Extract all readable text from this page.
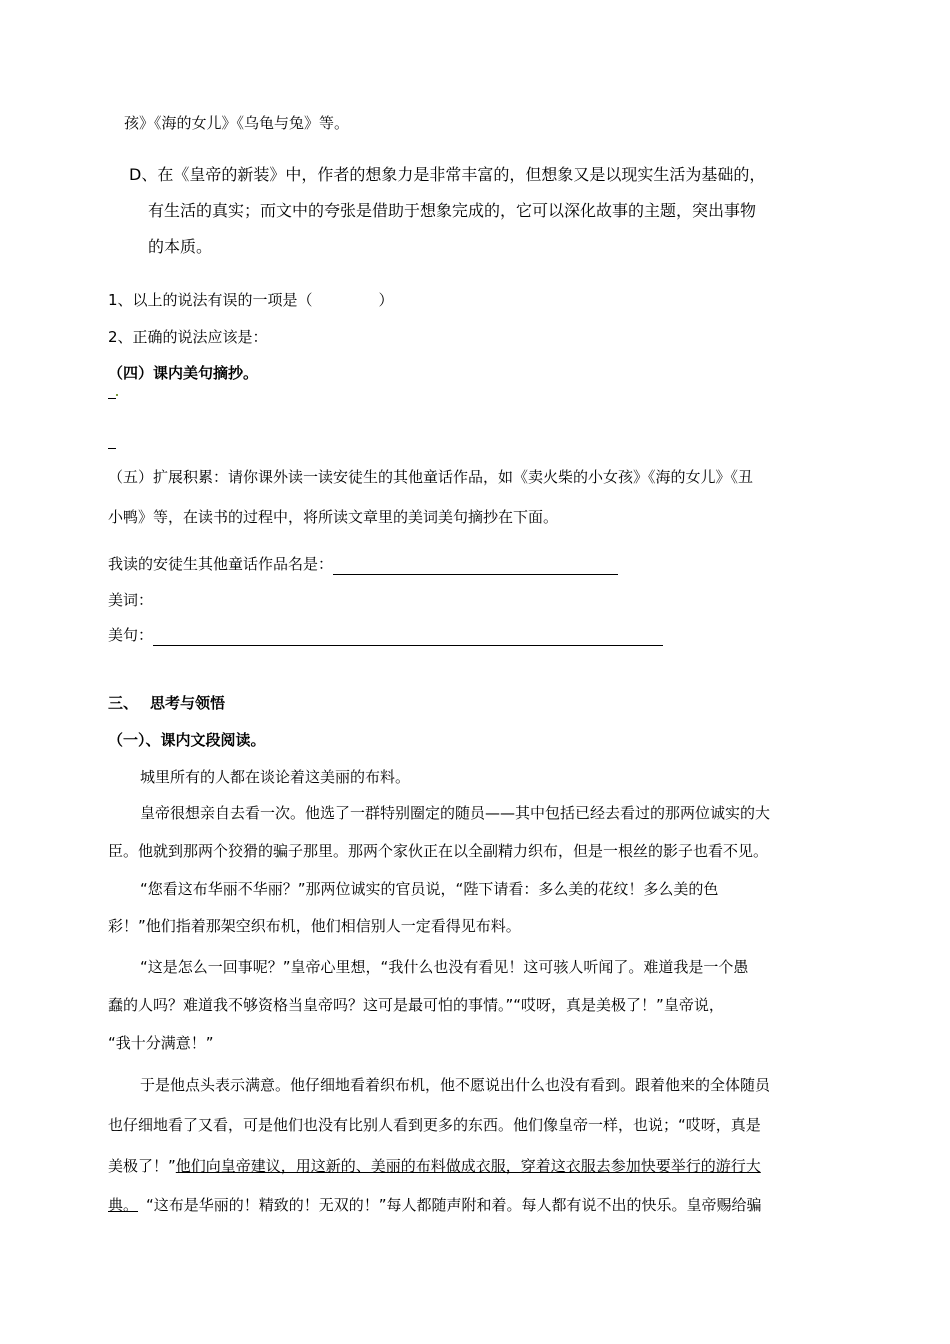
孩》《海的女儿》《乌龟与兔》等。
D、在《皇帝的新装》中，作者的想象力是非常丰富的，但想象又是以现实生活为基础的，
有生活的真实；而文中的夸张是借助于想象完成的，它可以深化故事的主题，突出事物
的本质。
1、以上的说法有误的一项是（	）
2、正确的说法应该是：
（四）课内美句摘抄。
（五）扩展积累：请你课外读一读安徒生的其他童话作品，如《卖火柴的小女孩》《海的女儿》《丑
小鸭》等，在读书的过程中，将所读文章里的美词美句摘抄在下面。
我读的安徒生其他童话作品名是：
美词：
美句：
三、 思考与领悟
（一）、课内文段阅读。
城里所有的人都在谈论着这美丽的布料。
皇帝很想亲自去看一次。他选了一群特别圈定的随员——其中包括已经去看过的那两位诚实的大
臣。他就到那两个狡猾的骗子那里。那两个家伙正在以全副精力织布，但是一根丝的影子也看不见。
“您看这布华丽不华丽？”那两位诚实的官员说，“陛下请看：多么美的花纹！多么美的色
彩！”他们指着那架空织布机，他们相信别人一定看得见布料。
“这是怎么一回事呢？”皇帝心里想，“我什么也没有看见！这可骇人听闻了。难道我是一个愚
蠢的人吗？难道我不够资格当皇帝吗？这可是最可怕的事情。”“哎呀，真是美极了！”皇帝说，
“我十分满意！”
于是他点头表示满意。他仔细地看着织布机，他不愿说出什么也没有看到。跟着他来的全体随员
也仔细地看了又看，可是他们也没有比别人看到更多的东西。他们像皇帝一样，也说；“哎呀，真是
美极了！”他们向皇帝建议，用这新的、美丽的布料做成衣服，穿着这衣服去参加快要举行的游行大
典。 “这布是华丽的！精致的！无双的！”每人都随声附和着。每人都有说不出的快乐。皇帝赐给骗
